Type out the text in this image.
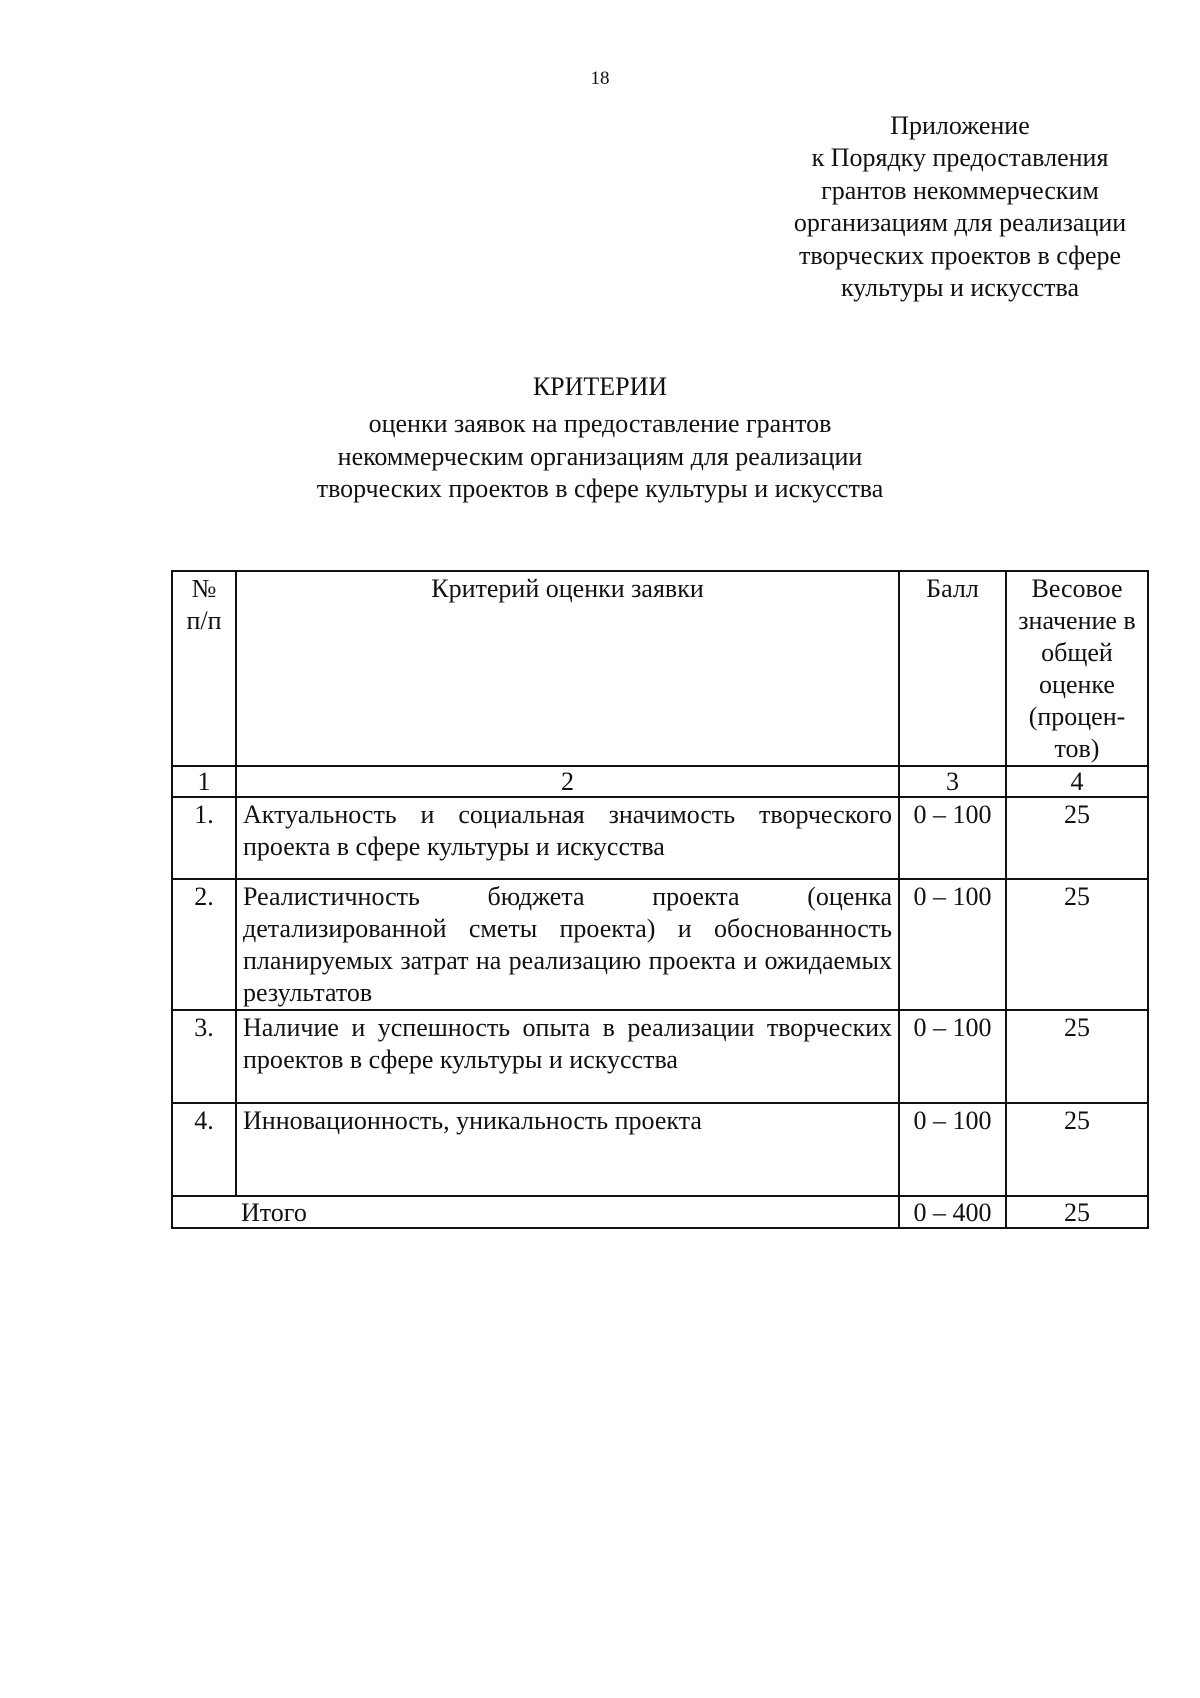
18
Приложение
к Порядку предоставления
грантов некоммерческим
организациям для реализации
творческих проектов в сфере
культуры и искусства
КРИТЕРИИ
оценки заявок на предоставление грантов
некоммерческим организациям для реализации
творческих проектов в сфере культуры и искусства
№ п/п	Критерий оценки заявки	Балл	Весовое значение в общей оценке (процен-тов)
1	2	3	4
1.	Актуальность и социальная значимость творческого проекта в сфере культуры и искусства	0 – 100	25
2.	Реалистичность бюджета проекта (оценка детализированной сметы проекта) и обоснованность планируемых затрат на реализацию проекта и ожидаемых результатов	0 – 100	25
3.	Наличие и успешность опыта в реализации творческих проектов в сфере культуры и искусства	0 – 100	25
4.	Инновационность, уникальность проекта	0 – 100	25
Итого		0 – 400	25
